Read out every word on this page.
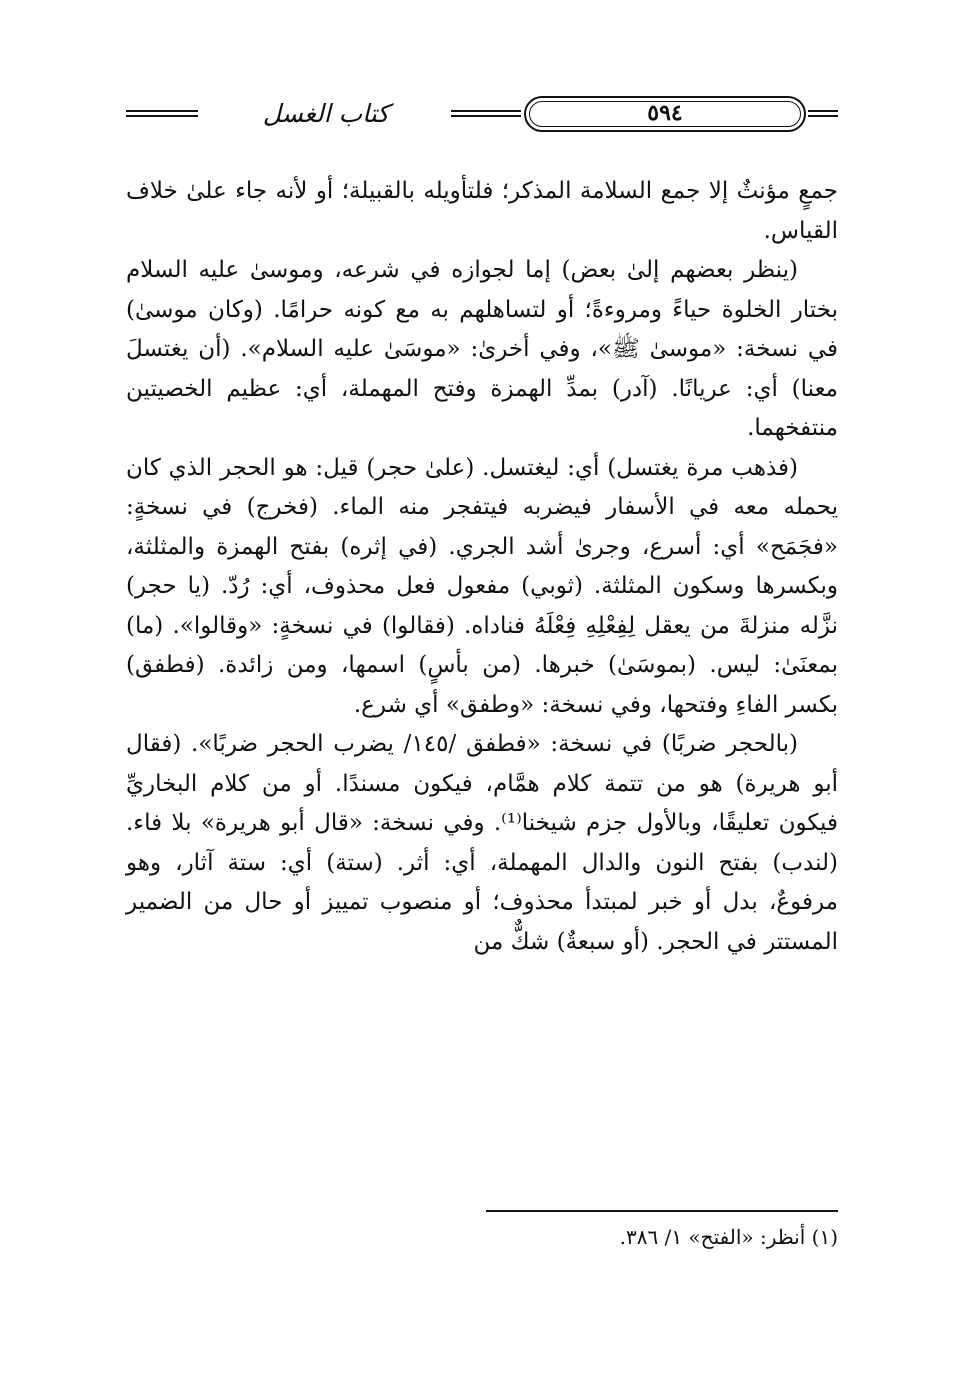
كتاب الغسل	٥٩٤

جمعٍ مؤنثٌ إلا جمع السلامة المذكر؛ فلتأويله بالقبيلة؛ أو لأنه جاء علىٰ خلاف القياس.

(ينظر بعضهم إلىٰ بعض) إما لجوازه في شرعه، وموسىٰ عليه السلام بختار الخلوة حياءً ومروءةً؛ أو لتساهلهم به مع كونه حرامًا. (وكان موسىٰ) في نسخة: «موسىٰ ﷺ»، وفي أخرىٰ: «موسَىٰ عليه السلام». (أن يغتسلَ معنا) أي: عريانًا. (آدر) بمدِّ الهمزة وفتح المهملة، أي: عظيم الخصيتين منتفخهما.

(فذهب مرة يغتسل) أي: ليغتسل. (علىٰ حجر) قيل: هو الحجر الذي كان يحمله معه في الأسفار فيضربه فيتفجر منه الماء. (فخرج) في نسخةٍ: «فجَمَح» أي: أسرع، وجرىٰ أشد الجري. (في إثره) بفتح الهمزة والمثلثة، وبكسرها وسكون المثلثة. (ثوبي) مفعول فعل محذوف، أي: رُدّ. (يا حجر) نزَّله منزلةَ من يعقل لِفِعْلِهِ فِعْلَهُ فناداه. (فقالوا) في نسخةٍ: «وقالوا». (ما) بمعنَىٰ: ليس. (بموسَىٰ) خبرها. (من بأسٍ) اسمها، ومن زائدة. (فطفق) بكسر الفاءِ وفتحها، وفي نسخة: «وطفق» أي شرع.

(بالحجر ضربًا) في نسخة: «فطفق /١٤٥/ يضرب الحجر ضربًا». (فقال أبو هريرة) هو من تتمة كلام همَّام، فيكون مسندًا. أو من كلام البخاريِّ فيكون تعليقًا، وبالأول جزم شيخنا⁽¹⁾. وفي نسخة: «قال أبو هريرة» بلا فاء. (لندب) بفتح النون والدال المهملة، أي: أثر. (ستة) أي: ستة آثار، وهو مرفوعٌ، بدل أو خبر لمبتدأ محذوف؛ أو منصوب تمييز أو حال من الضمير المستتر في الحجر. (أو سبعةٌ) شكٌّ من

(١) أنظر: «الفتح» ١/ ٣٨٦.
